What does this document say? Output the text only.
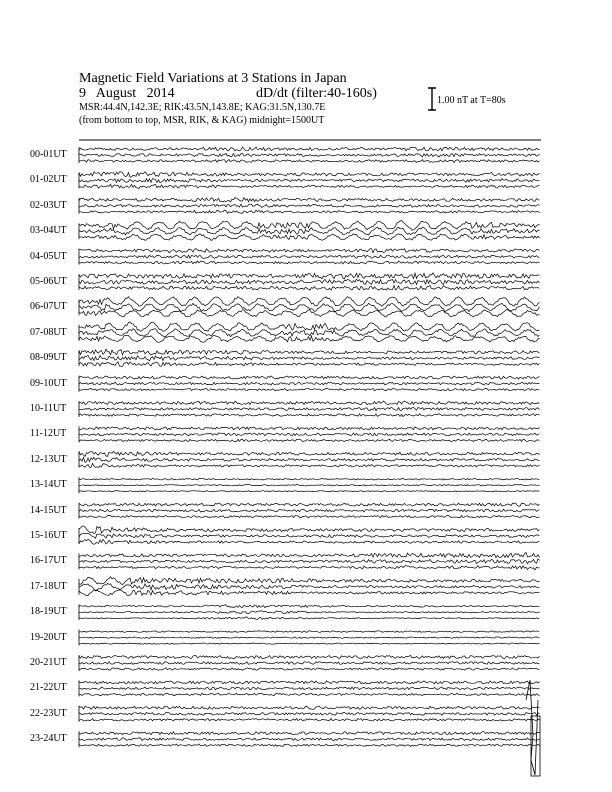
Magnetic Field Variations at 3 Stations in Japan
9 August 2014	dD/dt (filter:40-160s)
MSR:44.4N,142.3E; RIK:43.5N,143.8E; KAG:31.5N,130.7E
(from bottom to top, MSR, RIK, & KAG) midnight=1500UT
1.00 nT at T=80s
00-01UT
01-02UT
02-03UT
03-04UT
04-05UT
05-06UT
06-07UT
07-08UT
08-09UT
09-10UT
10-11UT
11-12UT
12-13UT
13-14UT
14-15UT
15-16UT
16-17UT
17-18UT
18-19UT
19-20UT
20-21UT
21-22UT
22-23UT
23-24UT
